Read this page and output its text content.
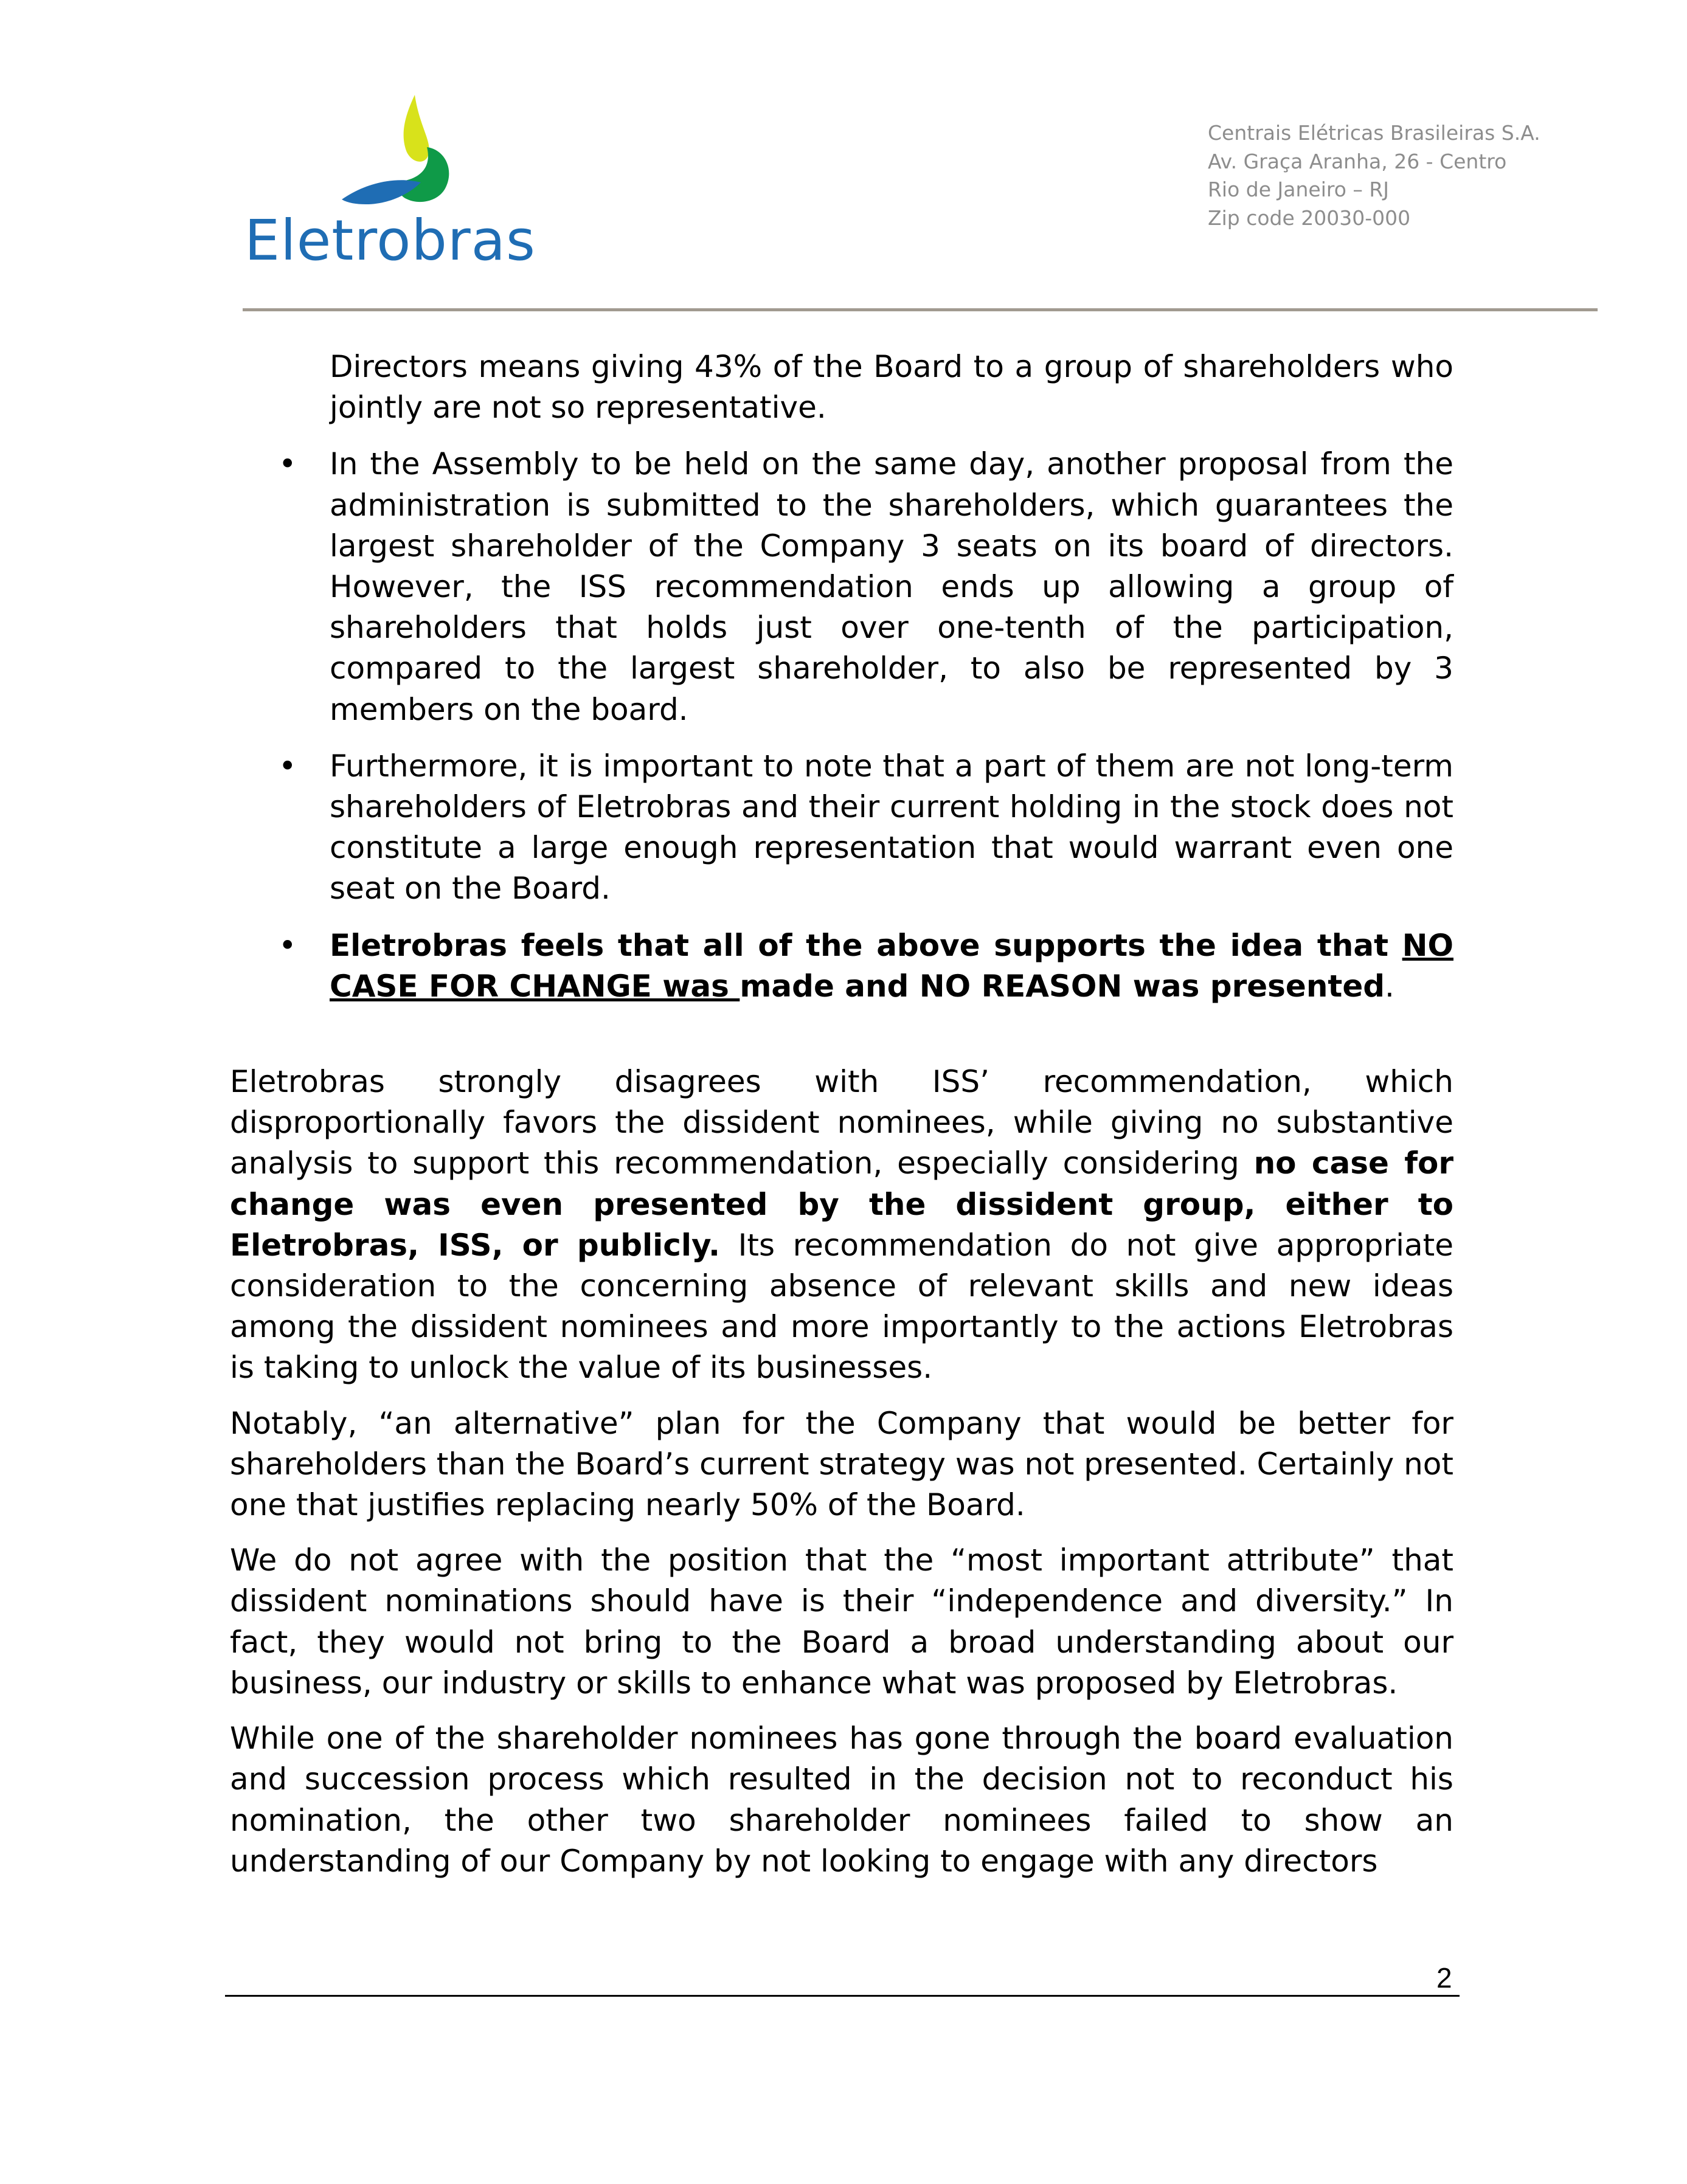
Eletrobras
Centrais Elétricas Brasileiras S.A.
Av. Graça Aranha, 26 - Centro
Rio de Janeiro – RJ
Zip code 20030-000

Directors means giving 43% of the Board to a group of shareholders who jointly are not so representative.

• In the Assembly to be held on the same day, another proposal from the administration is submitted to the shareholders, which guarantees the largest shareholder of the Company 3 seats on its board of directors. However, the ISS recommendation ends up allowing a group of shareholders that holds just over one-tenth of the participation, compared to the largest shareholder, to also be represented by 3 members on the board.
• Furthermore, it is important to note that a part of them are not long-term shareholders of Eletrobras and their current holding in the stock does not constitute a large enough representation that would warrant even one seat on the Board.
• Eletrobras feels that all of the above supports the idea that NO CASE FOR CHANGE was made and NO REASON was presented.

Eletrobras strongly disagrees with ISS’ recommendation, which disproportionally favors the dissident nominees, while giving no substantive analysis to support this recommendation, especially considering no case for change was even presented by the dissident group, either to Eletrobras, ISS, or publicly. Its recommendation do not give appropriate consideration to the concerning absence of relevant skills and new ideas among the dissident nominees and more importantly to the actions Eletrobras is taking to unlock the value of its businesses.

Notably, “an alternative” plan for the Company that would be better for shareholders than the Board’s current strategy was not presented. Certainly not one that justifies replacing nearly 50% of the Board.

We do not agree with the position that the “most important attribute” that dissident nominations should have is their “independence and diversity.” In fact, they would not bring to the Board a broad understanding about our business, our industry or skills to enhance what was proposed by Eletrobras.

While one of the shareholder nominees has gone through the board evaluation and succession process which resulted in the decision not to reconduct his nomination, the other two shareholder nominees failed to show an understanding of our Company by not looking to engage with any directors

2
